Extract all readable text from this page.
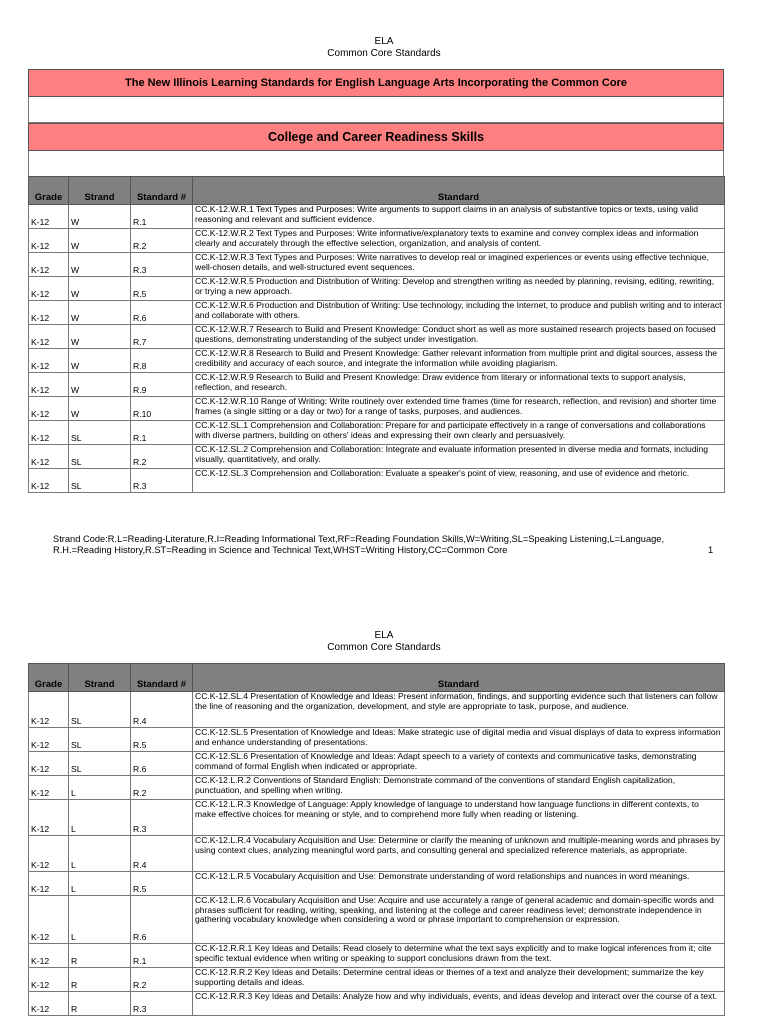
ELA
Common Core Standards
The New Illinois Learning Standards for English Language Arts Incorporating the Common Core
College and Career Readiness Skills
Grade	Strand	Standard #	Standard
K-12	W	R.1	CC.K-12.W.R.1 Text Types and Purposes: Write arguments to support claims in an analysis of substantive topics or texts, using valid reasoning and relevant and sufficient evidence.
K-12	W	R.2	CC.K-12.W.R.2 Text Types and Purposes: Write informative/explanatory texts to examine and convey complex ideas and information clearly and accurately through the effective selection, organization, and analysis of content.
K-12	W	R.3	CC.K-12.W.R.3 Text Types and Purposes: Write narratives to develop real or imagined experiences or events using effective technique, well-chosen details, and well-structured event sequences.
K-12	W	R.5	CC.K-12.W.R.5 Production and Distribution of Writing: Develop and strengthen writing as needed by planning, revising, editing, rewriting, or trying a new approach.
K-12	W	R.6	CC.K-12.W.R.6 Production and Distribution of Writing: Use technology, including the Internet, to produce and publish writing and to interact and collaborate with others.
K-12	W	R.7	CC.K-12.W.R.7 Research to Build and Present Knowledge: Conduct short as well as more sustained research projects based on focused questions, demonstrating understanding of the subject under investigation.
K-12	W	R.8	CC.K-12.W.R.8 Research to Build and Present Knowledge: Gather relevant information from multiple print and digital sources, assess the credibility and accuracy of each source, and integrate the information while avoiding plagiarism.
K-12	W	R.9	CC.K-12.W.R.9 Research to Build and Present Knowledge: Draw evidence from literary or informational texts to support analysis, reflection, and research.
K-12	W	R.10	CC.K-12.W.R.10 Range of Writing: Write routinely over extended time frames (time for research, reflection, and revision) and shorter time frames (a single sitting or a day or two) for a range of tasks, purposes, and audiences.
K-12	SL	R.1	CC.K-12.SL.1 Comprehension and Collaboration: Prepare for and participate effectively in a range of conversations and collaborations with diverse partners, building on others' ideas and expressing their own clearly and persuasively.
K-12	SL	R.2	CC.K-12.SL.2 Comprehension and Collaboration: Integrate and evaluate information presented in diverse media and formats, including visually, quantitatively, and orally.
K-12	SL	R.3	CC.K-12.SL.3 Comprehension and Collaboration: Evaluate a speaker's point of view, reasoning, and use of evidence and rhetoric.
Strand Code:R.L=Reading-Literature,R.I=Reading Informational Text,RF=Reading Foundation Skills,W=Writing,SL=Speaking Listening,L=Language, R.H.=Reading History,R.ST=Reading in Science and Technical Text,WHST=Writing History,CC=Common Core	1
ELA
Common Core Standards
Grade	Strand	Standard #	Standard
K-12	SL	R.4	CC.K-12.SL.4 Presentation of Knowledge and Ideas: Present information, findings, and supporting evidence such that listeners can follow the line of reasoning and the organization, development, and style are appropriate to task, purpose, and audience.
K-12	SL	R.5	CC.K-12.SL.5 Presentation of Knowledge and Ideas: Make strategic use of digital media and visual displays of data to express information and enhance understanding of presentations.
K-12	SL	R.6	CC.K-12.SL.6 Presentation of Knowledge and Ideas: Adapt speech to a variety of contexts and communicative tasks, demonstrating command of formal English when indicated or appropriate.
K-12	L	R.2	CC.K-12.L.R.2 Conventions of Standard English: Demonstrate command of the conventions of standard English capitalization, punctuation, and spelling when writing.
K-12	L	R.3	CC.K-12.L.R.3 Knowledge of Language: Apply knowledge of language to understand how language functions in different contexts, to make effective choices for meaning or style, and to comprehend more fully when reading or listening.
K-12	L	R.4	CC.K-12.L.R.4 Vocabulary Acquisition and Use: Determine or clarify the meaning of unknown and multiple-meaning words and phrases by using context clues, analyzing meaningful word parts, and consulting general and specialized reference materials, as appropriate.
K-12	L	R.5	CC.K-12.L.R.5 Vocabulary Acquisition and Use: Demonstrate understanding of word relationships and nuances in word meanings.
K-12	L	R.6	CC.K-12.L.R.6 Vocabulary Acquisition and Use: Acquire and use accurately a range of general academic and domain-specific words and phrases sufficient for reading, writing, speaking, and listening at the college and career readiness level; demonstrate independence in gathering vocabulary knowledge when considering a word or phrase important to comprehension or expression.
K-12	R	R.1	CC.K-12.R.R.1 Key Ideas and Details: Read closely to determine what the text says explicitly and to make logical inferences from it; cite specific textual evidence when writing or speaking to support conclusions drawn from the text.
K-12	R	R.2	CC.K-12.R.R.2 Key Ideas and Details: Determine central ideas or themes of a text and analyze their development; summarize the key supporting details and ideas.
K-12	R	R.3	CC.K-12.R.R.3 Key Ideas and Details: Analyze how and why individuals, events, and ideas develop and interact over the course of a text.
